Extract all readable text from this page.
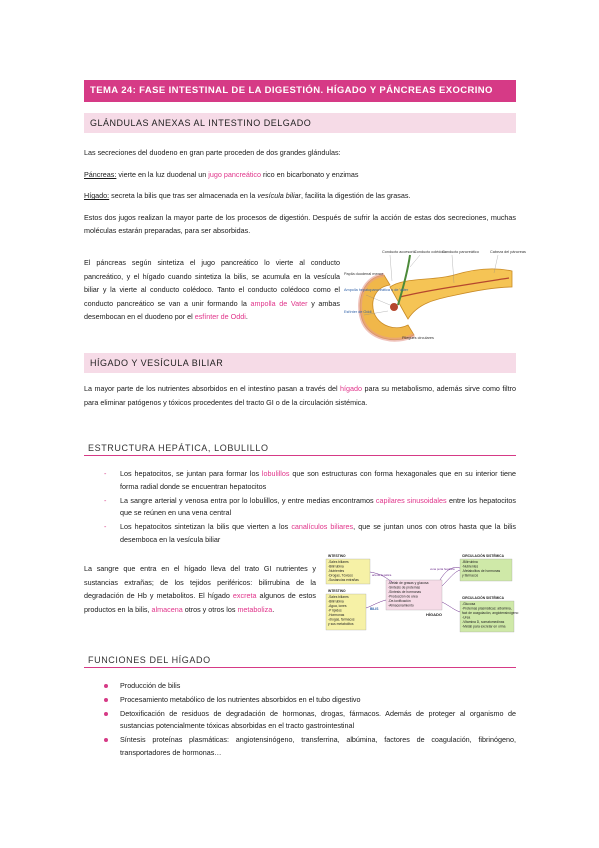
TEMA 24: FASE INTESTINAL DE LA DIGESTIÓN. HÍGADO Y PÁNCREAS EXOCRINO
GLÁNDULAS ANEXAS AL INTESTINO DELGADO

Las secreciones del duodeno en gran parte proceden de dos grandes glándulas:

Páncreas: vierte en la luz duodenal un jugo pancreático rico en bicarbonato y enzimas

Hígado: secreta la bilis que tras ser almacenada en la vesícula biliar, facilita la digestión de las grasas.

Estos dos jugos realizan la mayor parte de los procesos de digestión. Después de sufrir la acción de estas dos secreciones, muchas moléculas estarán preparadas, para ser absorbidas.

El páncreas según sintetiza el jugo pancreático lo vierte al conducto pancreático, y el hígado cuando sintetiza la bilis, se acumula en la vesícula biliar y la vierte al conducto colédoco. Tanto el conducto colédoco como el conducto pancreático se van a unir formando la ampolla de Vater y ambas desembocan en el duodeno por el esfínter de Oddi.

Conducto accesorio
Conducto colédoco
Conducto pancreático	Cabeza del páncreas
Papila duodenal menor
Ampolla hepatopancreática o de Vater
Esfínter de Oddi
Pliegues circulares
HÍGADO Y VESÍCULA BILIAR

La mayor parte de los nutrientes absorbidos en el intestino pasan a través del hígado para su metabolismo, además sirve como filtro para eliminar patógenos y tóxicos procedentes del tracto GI o de la circulación sistémica.

ESTRUCTURA HEPÁTICA, LOBULILLO
- Los hepatocitos, se juntan para formar los lobulillos que son estructuras con forma hexagonales que en su interior tiene forma radial donde se encuentran hepatocitos
- La sangre arterial y venosa entra por lo lobulillos, y entre medias encontramos capilares sinusoidales entre los hepatocitos que se reúnen en una vena central
- Los hepatocitos sintetizan la bilis que vierten a los canalículos biliares, que se juntan unos con otros hasta que la bilis desemboca en la vesícula biliar

La sangre que entra en el hígado lleva del trato GI nutrientes y sustancias extrañas; de los tejidos periféricos: bilirrubina de la degradación de Hb y metabolitos. El hígado excreta algunos de estos productos en la bilis, almacena otros y otros los metaboliza.

INTESTINO
-Sales biliares
-Bilirrubina
-Nutrientes
-Drogas, Tóxicos
-Sustancias extrañas
CIRCULACIÓN SISTÉMICA
-Bilirrubina
-Nutrientes
-Metabolitos de hormonas
y fármacos
-Metab de grasas y glucosa
-Síntesis de proteínas
-Síntesis de hormonas
-Producción de urea
-De-toxificación
-Almacenamiento
HÍGADO
INTESTINO
-Sales biliares
-Bilirrubina
-Agua, iones
-P lípidos
-Hormonas
-drogas, fármacos
y sus metabolitos
BILIS
CIRCULACIÓN SISTÉMICA
-Glucosa
-Proteínas plasmáticas: albúmina,
fact de coagulación, angiotensinógeno
-Urea
-Vitamina D, somatomedinas
-Metab para excretar en orina
vena porta hepática
arteria hepática
FUNCIONES DEL HÍGADO
Producción de bilis
Procesamiento metabólico de los nutrientes absorbidos en el tubo digestivo
Detoxificación de residuos de degradación de hormonas, drogas, fármacos. Además de proteger al organismo de sustancias potencialmente tóxicas absorbidas en el tracto gastrointestinal
Síntesis proteínas plasmáticas: angiotensinógeno, transferrina, albúmina, factores de coagulación, fibrinógeno, transportadores de hormonas…
